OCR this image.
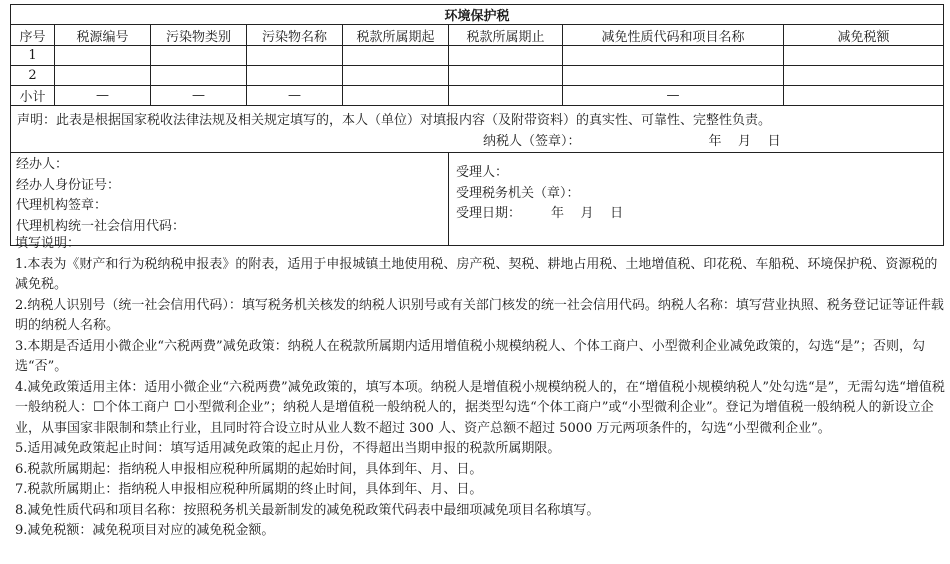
环境保护税							
序号	税源编号	污染物类别	污染物名称	税款所属期起	税款所属期止	减免性质代码和项目名称	减免税额
1							
2							
小计	—	—	—			—	
声明：此表是根据国家税收法律法规及相关规定填写的，本人（单位）对填报内容（及附带资料）的真实性、可靠性、完整性负责。
纳税人（签章）： 年    月    日							

经办人：
经办人身份证号：
代理机构签章：
代理机构统一社会信用代码：					受理人：
受理税务机关（章）：
受理日期： 年    月    日		

填写说明：

1.本表为《财产和行为税纳税申报表》的附表，适用于申报城镇土地使用税、房产税、契税、耕地占用税、土地增值税、印花税、车船税、环境保护税、资源税的减免税。

2.纳税人识别号（统一社会信用代码）：填写税务机关核发的纳税人识别号或有关部门核发的统一社会信用代码。纳税人名称：填写营业执照、税务登记证等证件载明的纳税人名称。

3.本期是否适用小微企业“六税两费”减免政策：纳税人在税款所属期内适用增值税小规模纳税人、个体工商户、小型微利企业减免政策的，勾选“是”；否则，勾选“否”。

4.减免政策适用主体：适用小微企业“六税两费”减免政策的，填写本项。纳税人是增值税小规模纳税人的，在“增值税小规模纳税人”处勾选“是”，无需勾选“增值税一般纳税人：☐个体工商户 ☐小型微利企业”；纳税人是增值税一般纳税人的，据类型勾选“个体工商户”或“小型微利企业”。登记为增值税一般纳税人的新设立企业，从事国家非限制和禁止行业，且同时符合设立时从业人数不超过 300 人、资产总额不超过 5000 万元两项条件的，勾选“小型微利企业”。

5.适用减免政策起止时间：填写适用减免政策的起止月份，不得超出当期申报的税款所属期限。

6.税款所属期起：指纳税人申报相应税种所属期的起始时间，具体到年、月、日。

7.税款所属期止：指纳税人申报相应税种所属期的终止时间，具体到年、月、日。

8.减免性质代码和项目名称：按照税务机关最新制发的减免税政策代码表中最细项减免项目名称填写。

9.减免税额：减免税项目对应的减免税金额。
